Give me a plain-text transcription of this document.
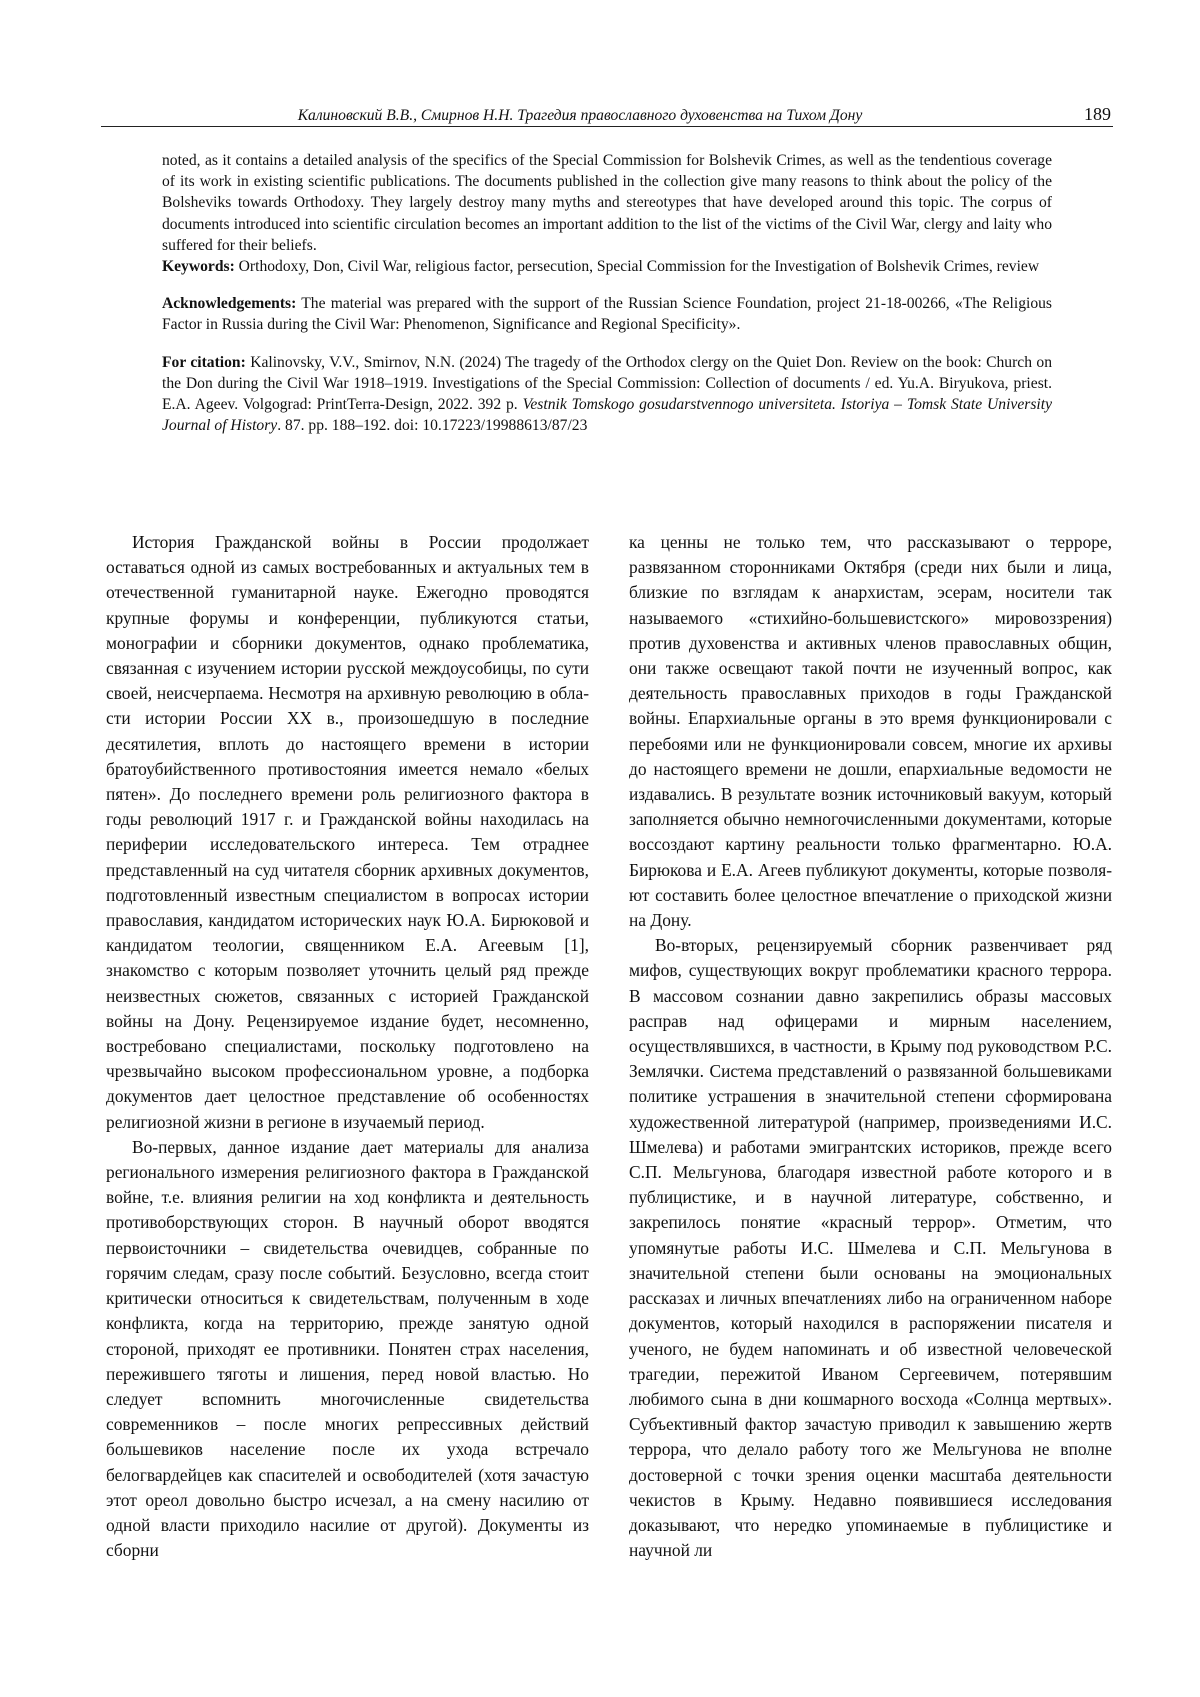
Калиновский В.В., Смирнов Н.Н. Трагедия православного духовенства на Тихом Дону	189

noted, as it contains a detailed analysis of the specifics of the Special Commission for Bolshevik Crimes, as well as the tendentious coverage of its work in existing scientific publications. The documents published in the collection give many reasons to think about the policy of the Bolsheviks towards Orthodoxy. They largely destroy many myths and stereotypes that have developed around this topic. The corpus of documents introduced into scientific circulation becomes an important addition to the list of the victims of the Civil War, clergy and laity who suffered for their beliefs.

Keywords: Orthodoxy, Don, Civil War, religious factor, persecution, Special Commission for the Investigation of Bolshevik Crimes, review

Acknowledgements: The material was prepared with the support of the Russian Science Foundation, project 21-18-00266, «The Religious Factor in Russia during the Civil War: Phenomenon, Significance and Regional Specificity».

For citation: Kalinovsky, V.V., Smirnov, N.N. (2024) The tragedy of the Orthodox clergy on the Quiet Don. Review on the book: Church on the Don during the Civil War 1918–1919. Investigations of the Special Commission: Collection of documents / ed. Yu.A. Biryukova, priest. E.A. Ageev. Volgograd: PrintTerra-Design, 2022. 392 p. Vestnik Tomskogo gosudarstvennogo universiteta. Istoriya – Tomsk State University Journal of History. 87. pp. 188–192. doi: 10.17223/19988613/87/23

История Гражданской войны в России продолжает оставаться одной из самых востребованных и актуальных тем в отечественной гуманитарной науке. Ежегодно проводятся крупные форумы и конференции, публикуются статьи, монографии и сборники документов, однако проблематика, связанная с изучением истории русской междоусобицы, по сути своей, неисчерпаема. Несмотря на архивную революцию в области истории России XX в., произошедшую в последние десятилетия, вплоть до настоящего времени в истории братоубийственного противостояния имеется немало «белых пятен». До последнего времени роль религиозного фактора в годы революций 1917 г. и Гражданской войны находилась на периферии исследовательского интереса. Тем отраднее представленный на суд читателя сборник архивных документов, подготовленный известным специалистом в вопросах истории православия, кандидатом исторических наук Ю.А. Бирюковой и кандидатом теологии, священником Е.А. Агеевым [1], знакомство с которым позволяет уточнить целый ряд прежде неизвестных сюжетов, связанных с историей Гражданской войны на Дону. Рецензируемое издание будет, несомненно, востребовано специалистами, поскольку подготовлено на чрезвычайно высоком профессиональном уровне, а подборка документов дает целостное представление об особенностях религиозной жизни в регионе в изучаемый период.

Во-первых, данное издание дает материалы для анализа регионального измерения религиозного фактора в Гражданской войне, т.е. влияния религии на ход конфликта и деятельность противоборствующих сторон. В научный оборот вводятся первоисточники – свидетельства очевидцев, собранные по горячим следам, сразу после событий. Безусловно, всегда стоит критически относиться к свидетельствам, полученным в ходе конфликта, когда на территорию, прежде занятую одной стороной, приходят ее противники. Понятен страх населения, пережившего тяготы и лишения, перед новой властью. Но следует вспомнить многочисленные свидетельства современников – после многих репрессивных действий большевиков население после их ухода встречало белогвардейцев как спасителей и освободителей (хотя зачастую этот ореол довольно быстро исчезал, а на смену насилию от одной власти приходило насилие от другой). Документы из сборни

ка ценны не только тем, что рассказывают о терроре, развязанном сторонниками Октября (среди них были и лица, близкие по взглядам к анархистам, эсерам, носители так называемого «стихийно-большевистского» мировоззрения) против духовенства и активных членов православных общин, они также освещают такой почти не изученный вопрос, как деятельность православных приходов в годы Гражданской войны. Епархиальные органы в это время функционировали с перебоями или не функционировали совсем, многие их архивы до настоящего времени не дошли, епархиальные ведомости не издавались. В результате возник источниковый вакуум, который заполняется обычно немногочисленными документами, которые воссоздают картину реальности только фрагментарно. Ю.А. Бирюкова и Е.А. Агеев публикуют документы, которые позволяют составить более целостное впечатление о приходской жизни на Дону.

Во-вторых, рецензируемый сборник развенчивает ряд мифов, существующих вокруг проблематики красного террора. В массовом сознании давно закрепились образы массовых расправ над офицерами и мирным населением, осуществлявшихся, в частности, в Крыму под руководством Р.С. Землячки. Система представлений о развязанной большевиками политике устрашения в значительной степени сформирована художественной литературой (например, произведениями И.С. Шмелева) и работами эмигрантских историков, прежде всего С.П. Мельгунова, благодаря известной работе которого и в публицистике, и в научной литературе, собственно, и закрепилось понятие «красный террор». Отметим, что упомянутые работы И.С. Шмелева и С.П. Мельгунова в значительной степени были основаны на эмоциональных рассказах и личных впечатлениях либо на ограниченном наборе документов, который находился в распоряжении писателя и ученого, не будем напоминать и об известной человеческой трагедии, пережитой Иваном Сергеевичем, потерявшим любимого сына в дни кошмарного восхода «Солнца мертвых». Субъективный фактор зачастую приводил к завышению жертв террора, что делало работу того же Мельгунова не вполне достоверной с точки зрения оценки масштаба деятельности чекистов в Крыму. Недавно появившиеся исследования доказывают, что нередко упоминаемые в публицистике и научной ли
